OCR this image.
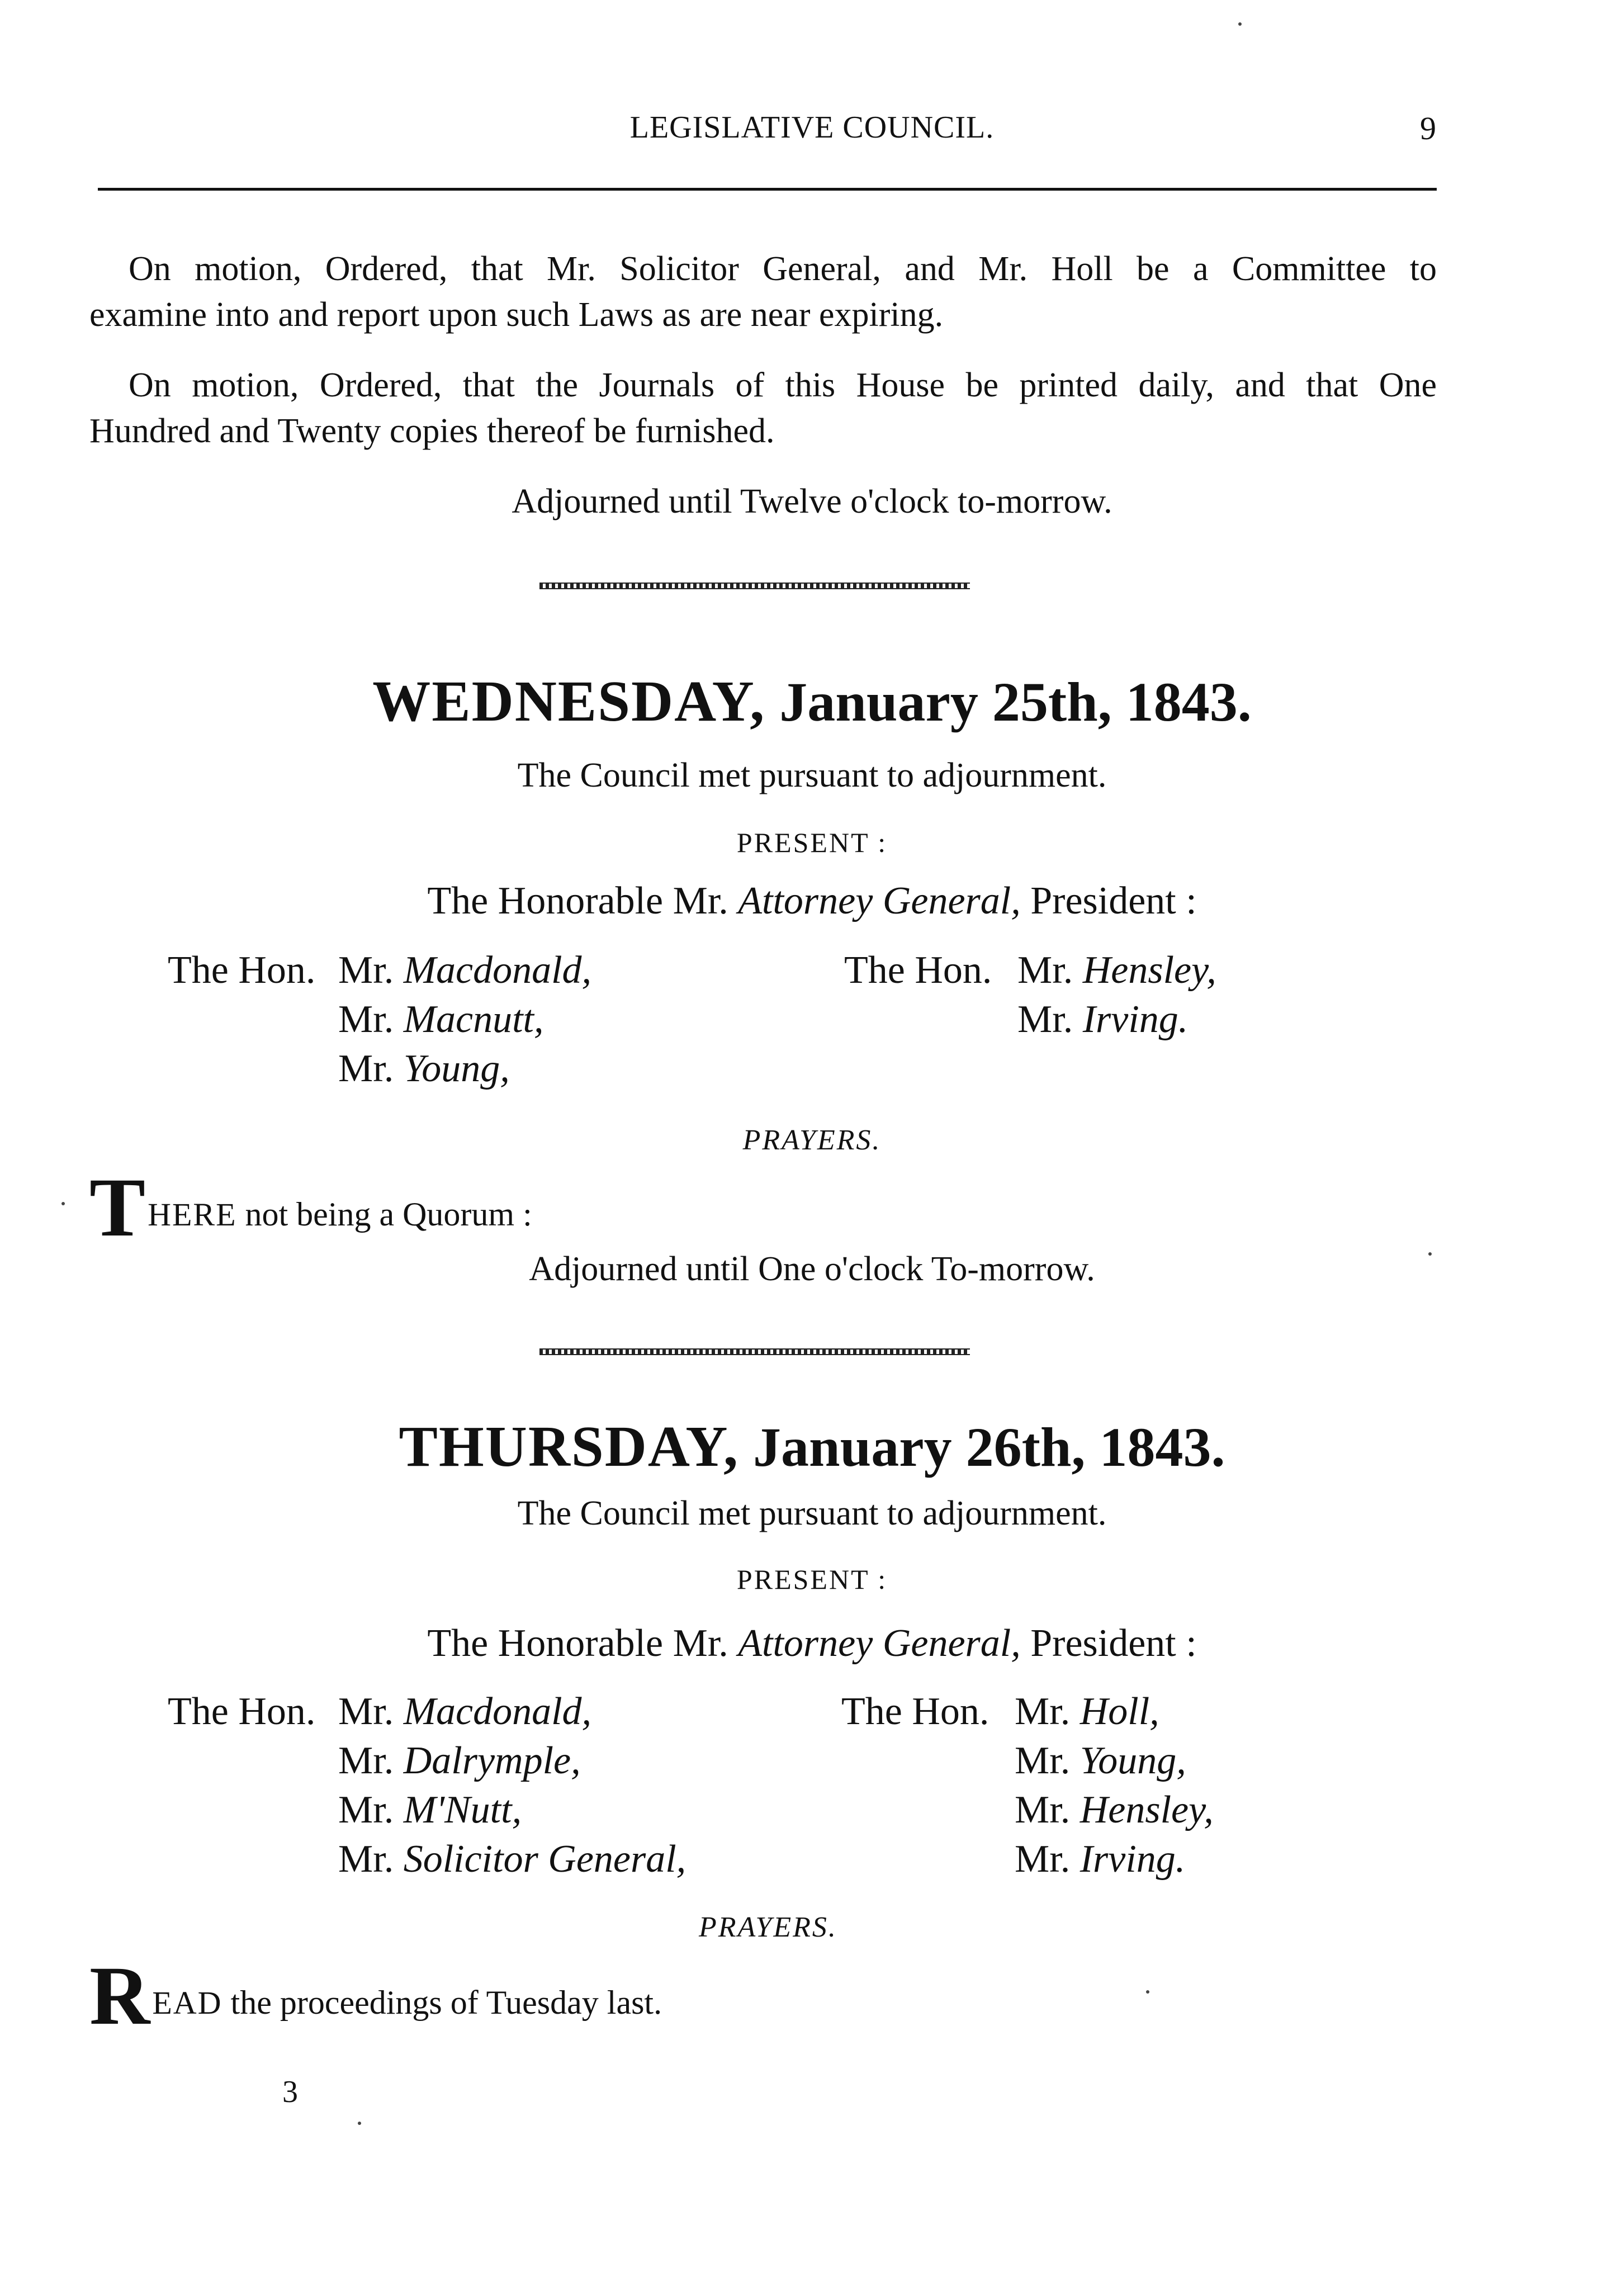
LEGISLATIVE COUNCIL.	9
On motion, Ordered, that Mr. Solicitor General, and Mr. Holl be a Committee to
examine into and report upon such Laws as are near expiring.
On motion, Ordered, that the Journals of this House be printed daily, and that One
Hundred and Twenty copies thereof be furnished.
Adjourned until Twelve o'clock to-morrow.
WEDNESDAY, January 25th, 1843.
The Council met pursuant to adjournment.
PRESENT :
The Honorable Mr. Attorney General, President :
The Hon. Mr. Macdonald,
Mr. Macnutt,
Mr. Young,
The Hon. Mr. Hensley,
Mr. Irving.
PRAYERS.
THERE not being a Quorum :
Adjourned until One o'clock To-morrow.
THURSDAY, January 26th, 1843.
The Council met pursuant to adjournment.
PRESENT :
The Honorable Mr. Attorney General, President :
The Hon. Mr. Macdonald,
Mr. Dalrymple,
Mr. M'Nutt,
Mr. Solicitor General,
The Hon. Mr. Holl,
Mr. Young,
Mr. Hensley,
Mr. Irving.
PRAYERS.
READ the proceedings of Tuesday last.
3
